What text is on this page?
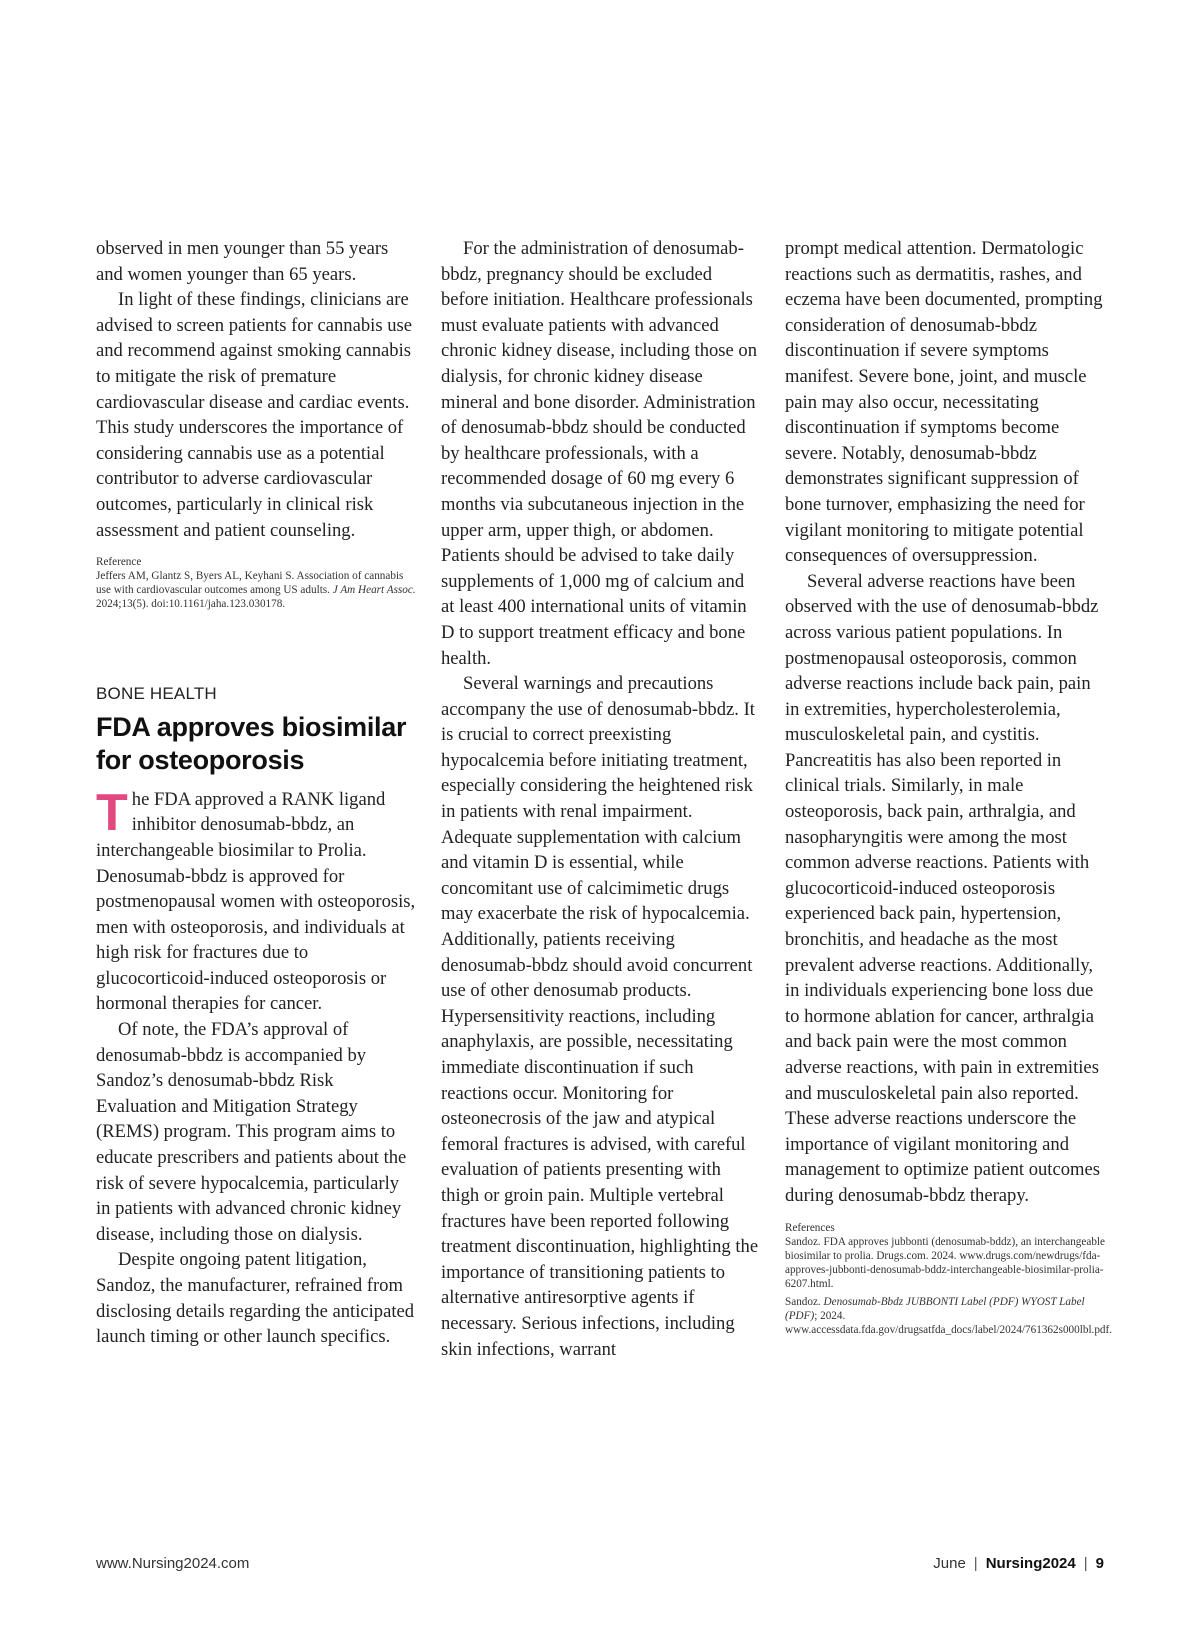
observed in men younger than 55 years and women younger than 65 years.

In light of these findings, clinicians are advised to screen patients for cannabis use and recommend against smoking cannabis to mitigate the risk of premature cardiovascular disease and cardiac events. This study underscores the importance of considering cannabis use as a potential contributor to adverse cardiovascular outcomes, particularly in clinical risk assessment and patient counseling.

Reference

Jeffers AM, Glantz S, Byers AL, Keyhani S. Association of cannabis use with cardiovascular outcomes among US adults. J Am Heart Assoc. 2024;13(5). doi:10.1161/jaha.123.030178.

BONE HEALTH
FDA approves biosimilar for osteoporosis

The FDA approved a RANK ligand inhibitor denosumab-bbdz, an interchangeable biosimilar to Prolia. Denosumab-bbdz is approved for postmenopausal women with osteoporosis, men with osteoporosis, and individuals at high risk for fractures due to glucocorticoid-induced osteoporosis or hormonal therapies for cancer.

Of note, the FDA’s approval of denosumab-bbdz is accompanied by Sandoz’s denosumab-bbdz Risk Evaluation and Mitigation Strategy (REMS) program. This program aims to educate prescribers and patients about the risk of severe hypocalcemia, particularly in patients with advanced chronic kidney disease, including those on dialysis.

Despite ongoing patent litigation, Sandoz, the manufacturer, refrained from disclosing details regarding the anticipated launch timing or other launch specifics.

For the administration of denosumab-bbdz, pregnancy should be excluded before initiation. Healthcare professionals must evaluate patients with advanced chronic kidney disease, including those on dialysis, for chronic kidney disease mineral and bone disorder. Administration of denosumab-bbdz should be conducted by healthcare professionals, with a recommended dosage of 60 mg every 6 months via subcutaneous injection in the upper arm, upper thigh, or abdomen. Patients should be advised to take daily supplements of 1,000 mg of calcium and at least 400 international units of vitamin D to support treatment efficacy and bone health.

Several warnings and precautions accompany the use of denosumab-bbdz. It is crucial to correct preexisting hypocalcemia before initiating treatment, especially considering the heightened risk in patients with renal impairment. Adequate supplementation with calcium and vitamin D is essential, while concomitant use of calcimimetic drugs may exacerbate the risk of hypocalcemia. Additionally, patients receiving denosumab-bbdz should avoid concurrent use of other denosumab products. Hypersensitivity reactions, including anaphylaxis, are possible, necessitating immediate discontinuation if such reactions occur. Monitoring for osteonecrosis of the jaw and atypical femoral fractures is advised, with careful evaluation of patients presenting with thigh or groin pain. Multiple vertebral fractures have been reported following treatment discontinuation, highlighting the importance of transitioning patients to alternative antiresorptive agents if necessary. Serious infections, including skin infections, warrant

prompt medical attention. Dermatologic reactions such as dermatitis, rashes, and eczema have been documented, prompting consideration of denosumab-bbdz discontinuation if severe symptoms manifest. Severe bone, joint, and muscle pain may also occur, necessitating discontinuation if symptoms become severe. Notably, denosumab-bbdz demonstrates significant suppression of bone turnover, emphasizing the need for vigilant monitoring to mitigate potential consequences of oversuppression.

Several adverse reactions have been observed with the use of denosumab-bbdz across various patient populations. In postmenopausal osteoporosis, common adverse reactions include back pain, pain in extremities, hypercholesterolemia, musculoskeletal pain, and cystitis. Pancreatitis has also been reported in clinical trials. Similarly, in male osteoporosis, back pain, arthralgia, and nasopharyngitis were among the most common adverse reactions. Patients with glucocorticoid-induced osteoporosis experienced back pain, hypertension, bronchitis, and headache as the most prevalent adverse reactions. Additionally, in individuals experiencing bone loss due to hormone ablation for cancer, arthralgia and back pain were the most common adverse reactions, with pain in extremities and musculoskeletal pain also reported. These adverse reactions underscore the importance of vigilant monitoring and management to optimize patient outcomes during denosumab-bbdz therapy.

References

Sandoz. FDA approves jubbonti (denosumab-bddz), an interchangeable biosimilar to prolia. Drugs.com. 2024. www.drugs.com/newdrugs/fda-approves-jubbonti-denosumab-bddz-interchangeable-biosimilar-prolia-6207.html.

Sandoz. Denosumab-Bbdz JUBBONTI Label (PDF) WYOST Label (PDF); 2024. www.accessdata.fda.gov/drugsatfda_docs/label/2024/761362s000lbl.pdf.

www.Nursing2024.com	June | Nursing2024 | 9
